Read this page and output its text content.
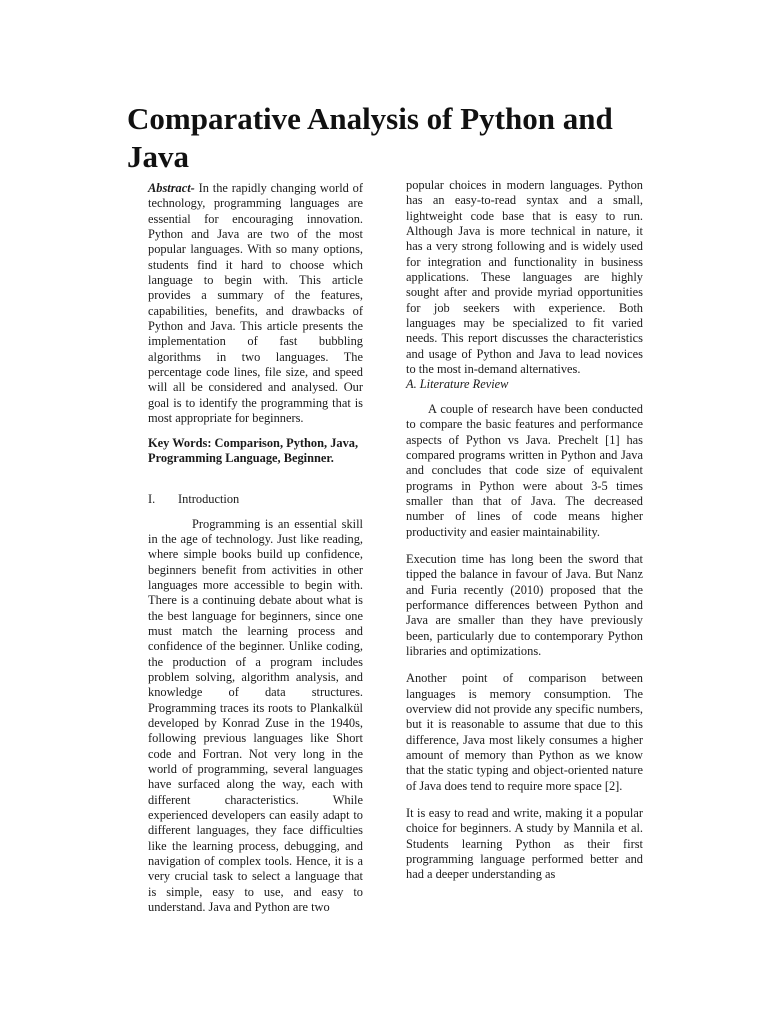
Comparative Analysis of Python and Java

Abstract- In the rapidly changing world of technology, programming languages are essential for encouraging innovation. Python and Java are two of the most popular languages. With so many options, students find it hard to choose which language to begin with. This article provides a summary of the features, capabilities, benefits, and drawbacks of Python and Java. This article presents the implementation of fast bubbling algorithms in two languages. The percentage code lines, file size, and speed will all be considered and analysed. Our goal is to identify the programming that is most appropriate for beginners.

Key Words: Comparison, Python, Java, Programming Language, Beginner.

I. Introduction

Programming is an essential skill in the age of technology. Just like reading, where simple books build up confidence, beginners benefit from activities in other languages more accessible to begin with. There is a continuing debate about what is the best language for beginners, since one must match the learning process and confidence of the beginner. Unlike coding, the production of a program includes problem solving, algorithm analysis, and knowledge of data structures. Programming traces its roots to Plankalkül developed by Konrad Zuse in the 1940s, following previous languages like Short code and Fortran. Not very long in the world of programming, several languages have surfaced along the way, each with different characteristics. While experienced developers can easily adapt to different languages, they face difficulties like the learning process, debugging, and navigation of complex tools. Hence, it is a very crucial task to select a language that is simple, easy to use, and easy to understand. Java and Python are two

popular choices in modern languages. Python has an easy-to-read syntax and a small, lightweight code base that is easy to run. Although Java is more technical in nature, it has a very strong following and is widely used for integration and functionality in business applications. These languages are highly sought after and provide myriad opportunities for job seekers with experience. Both languages may be specialized to fit varied needs. This report discusses the characteristics and usage of Python and Java to lead novices to the most in-demand alternatives.

A. Literature Review

A couple of research have been conducted to compare the basic features and performance aspects of Python vs Java. Prechelt [1] has compared programs written in Python and Java and concludes that code size of equivalent programs in Python were about 3-5 times smaller than that of Java. The decreased number of lines of code means higher productivity and easier maintainability.

Execution time has long been the sword that tipped the balance in favour of Java. But Nanz and Furia recently (2010) proposed that the performance differences between Python and Java are smaller than they have previously been, particularly due to contemporary Python libraries and optimizations.

Another point of comparison between languages is memory consumption. The overview did not provide any specific numbers, but it is reasonable to assume that due to this difference, Java most likely consumes a higher amount of memory than Python as we know that the static typing and object-oriented nature of Java does tend to require more space [2].

It is easy to read and write, making it a popular choice for beginners. A study by Mannila et al. Students learning Python as their first programming language performed better and had a deeper understanding as
